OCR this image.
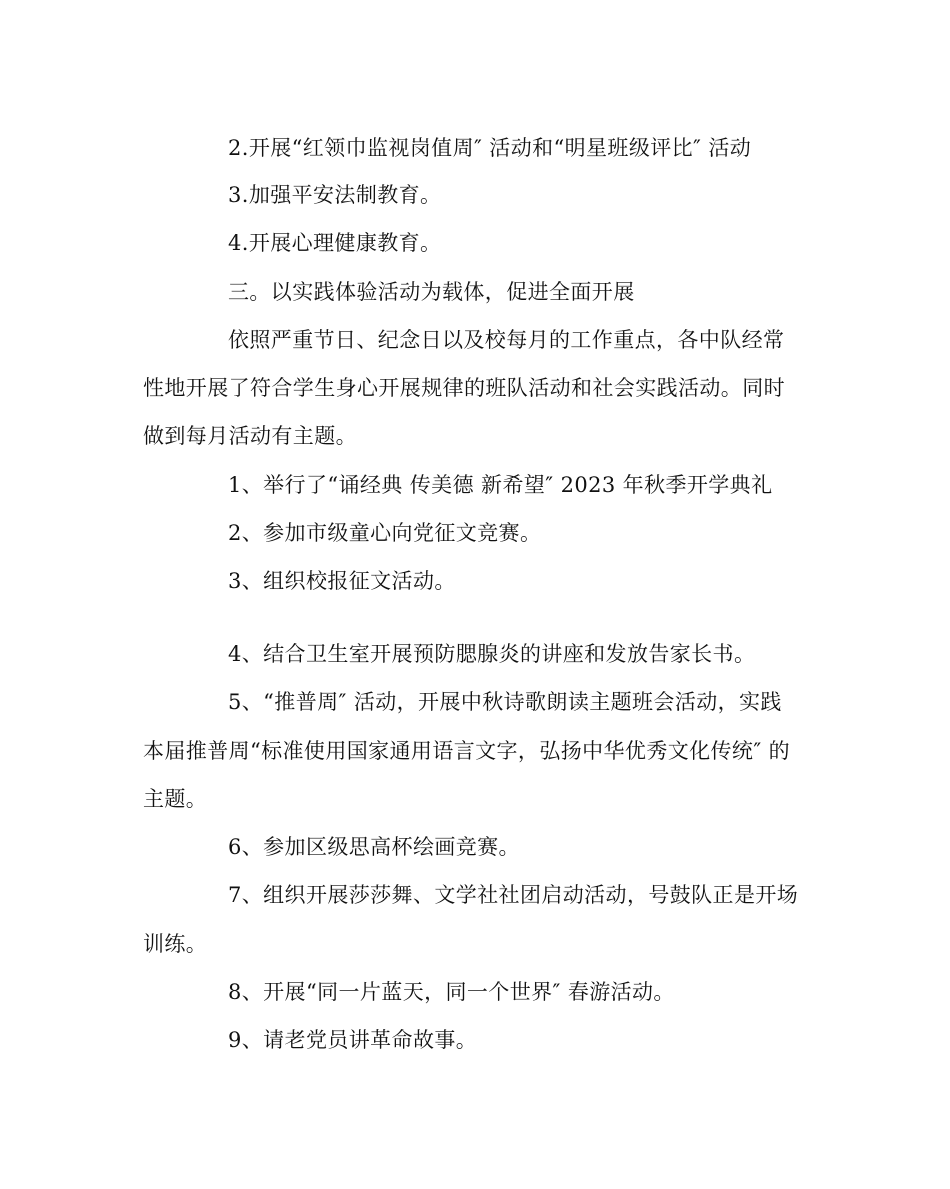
2.开展“红领巾监视岗值周″ 活动和“明星班级评比″ 活动
3.加强平安法制教育。
4.开展心理健康教育。
三。以实践体验活动为载体，促进全面开展
依照严重节日、纪念日以及校每月的工作重点，各中队经常
性地开展了符合学生身心开展规律的班队活动和社会实践活动。同时
做到每月活动有主题。
1、举行了“诵经典 传美德 新希望″ 2023 年秋季开学典礼
2、参加市级童心向党征文竞赛。
3、组织校报征文活动。
4、结合卫生室开展预防腮腺炎的讲座和发放告家长书。
5、“推普周″ 活动，开展中秋诗歌朗读主题班会活动，实践
本届推普周“标准使用国家通用语言文字，弘扬中华优秀文化传统″ 的
主题。
6、参加区级思高杯绘画竞赛。
7、组织开展莎莎舞、文学社社团启动活动，号鼓队正是开场
训练。
8、开展“同一片蓝天，同一个世界″ 春游活动。
9、请老党员讲革命故事。
